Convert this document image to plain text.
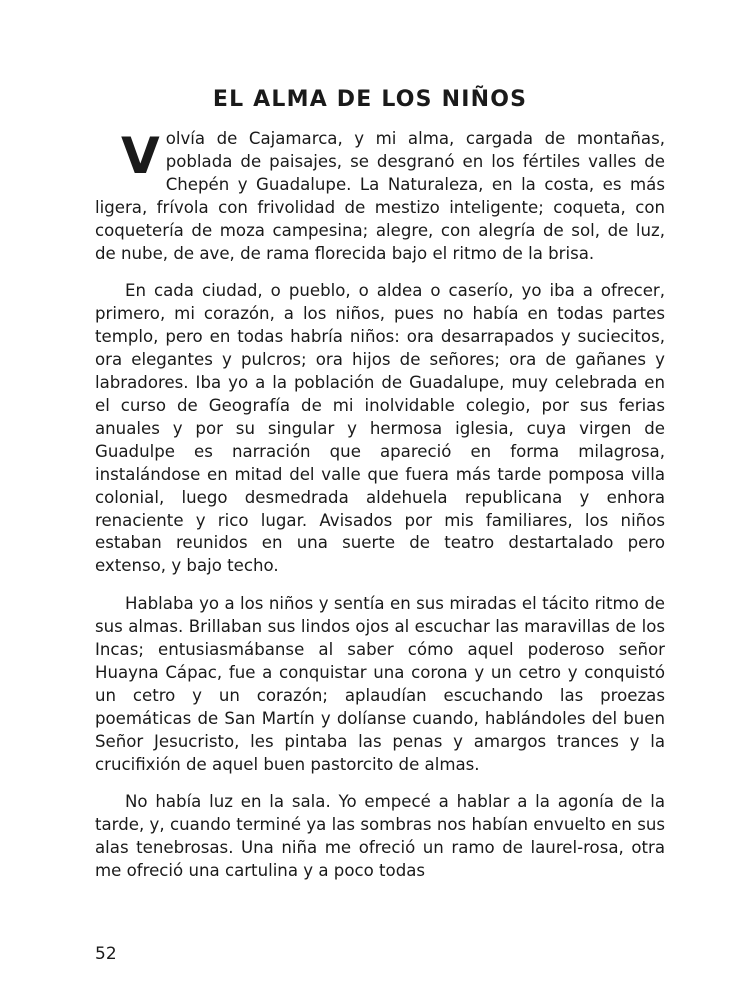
EL ALMA DE LOS NIÑOS

Volvía de Cajamarca, y mi alma, cargada de montañas, poblada de paisajes, se desgranó en los fértiles valles de Chepén y Guadalupe. La Naturaleza, en la costa, es más ligera, frívola con frivolidad de mestizo inteligente; coqueta, con coquetería de moza campesina; alegre, con alegría de sol, de luz, de nube, de ave, de rama florecida bajo el ritmo de la brisa.

En cada ciudad, o pueblo, o aldea o caserío, yo iba a ofrecer, primero, mi corazón, a los niños, pues no había en todas partes templo, pero en todas habría niños: ora desarrapados y suciecitos, ora elegantes y pulcros; ora hijos de señores; ora de gañanes y labradores. Iba yo a la población de Guadalupe, muy celebrada en el curso de Geografía de mi inolvidable colegio, por sus ferias anuales y por su singular y hermosa iglesia, cuya virgen de Guadulpe es narración que apareció en forma milagrosa, instalándose en mitad del valle que fuera más tarde pomposa villa colonial, luego desmedrada aldehuela republicana y enhora renaciente y rico lugar. Avisados por mis familiares, los niños estaban reunidos en una suerte de teatro destartalado pero extenso, y bajo techo.

Hablaba yo a los niños y sentía en sus miradas el tácito ritmo de sus almas. Brillaban sus lindos ojos al escuchar las maravillas de los Incas; entusiasmábanse al saber cómo aquel poderoso señor Huayna Cápac, fue a conquistar una corona y un cetro y conquistó un cetro y un corazón; aplaudían escuchando las proezas poemáticas de San Martín y dolíanse cuando, hablándoles del buen Señor Jesucristo, les pintaba las penas y amargos trances y la crucifixión de aquel buen pastorcito de almas.

No había luz en la sala. Yo empecé a hablar a la agonía de la tarde, y, cuando terminé ya las sombras nos habían envuelto en sus alas tenebrosas. Una niña me ofreció un ramo de laurel-rosa, otra me ofreció una cartulina y a poco todas

52
